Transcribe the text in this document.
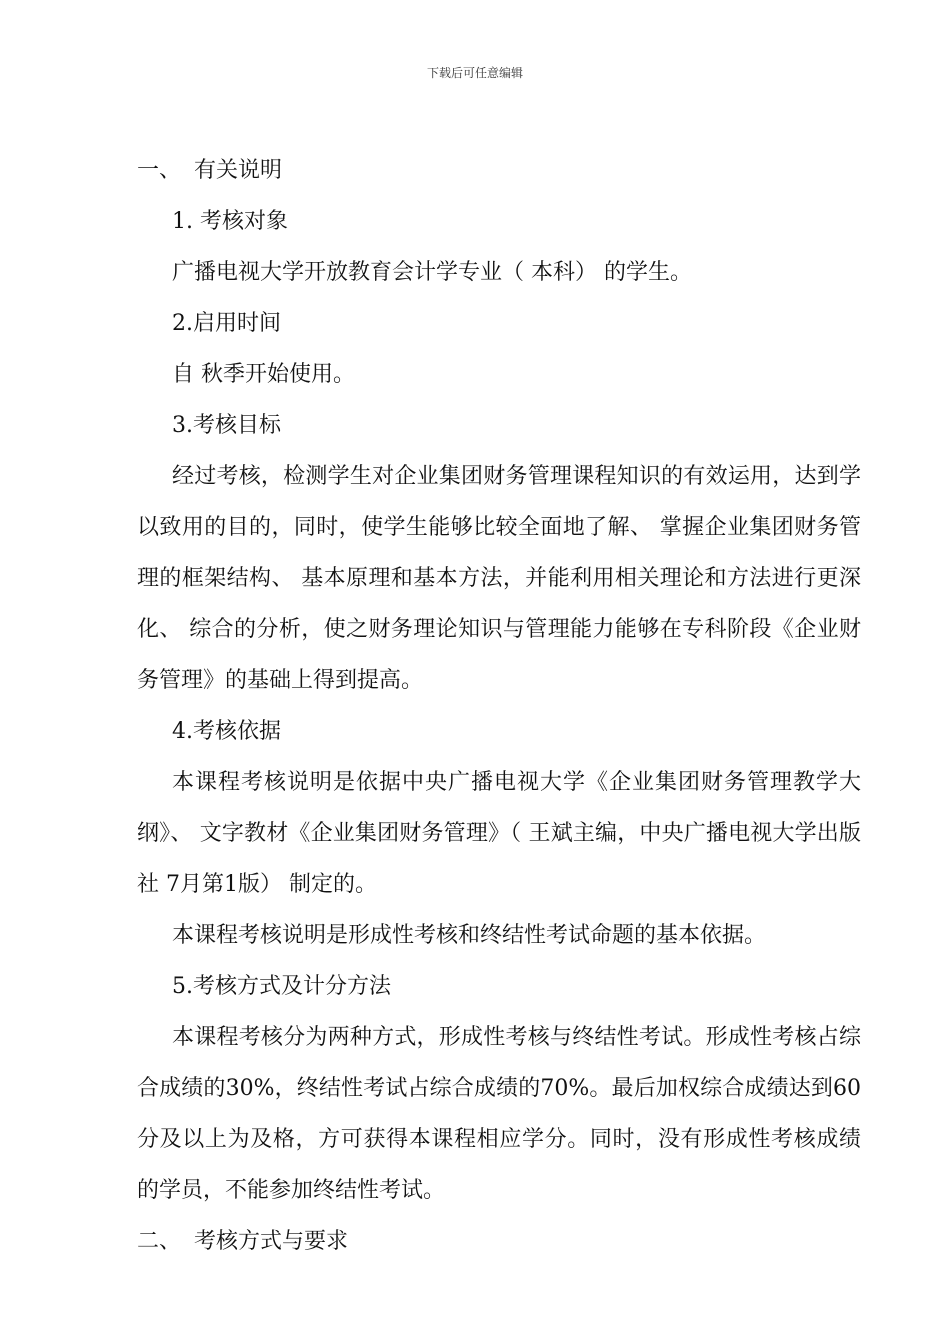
下载后可任意编辑

一、 有关说明

1. 考核对象

广播电视大学开放教育会计学专业（ 本科） 的学生。

2.启用时间

自 秋季开始使用。

3.考核目标

经过考核，检测学生对企业集团财务管理课程知识的有效运用，达到学以致用的目的，同时，使学生能够比较全面地了解、 掌握企业集团财务管理的框架结构、 基本原理和基本方法，并能利用相关理论和方法进行更深化、 综合的分析，使之财务理论知识与管理能力能够在专科阶段《企业财务管理》的基础上得到提高。

4.考核依据

本课程考核说明是依据中央广播电视大学《企业集团财务管理教学大纲》、 文字教材《企业集团财务管理》（ 王斌主编，中央广播电视大学出版社 7月第1版） 制定的。

本课程考核说明是形成性考核和终结性考试命题的基本依据。

5.考核方式及计分方法

本课程考核分为两种方式，形成性考核与终结性考试。形成性考核占综合成绩的30%，终结性考试占综合成绩的70%。最后加权综合成绩达到60分及以上为及格，方可获得本课程相应学分。同时，没有形成性考核成绩的学员，不能参加终结性考试。

二、 考核方式与要求
